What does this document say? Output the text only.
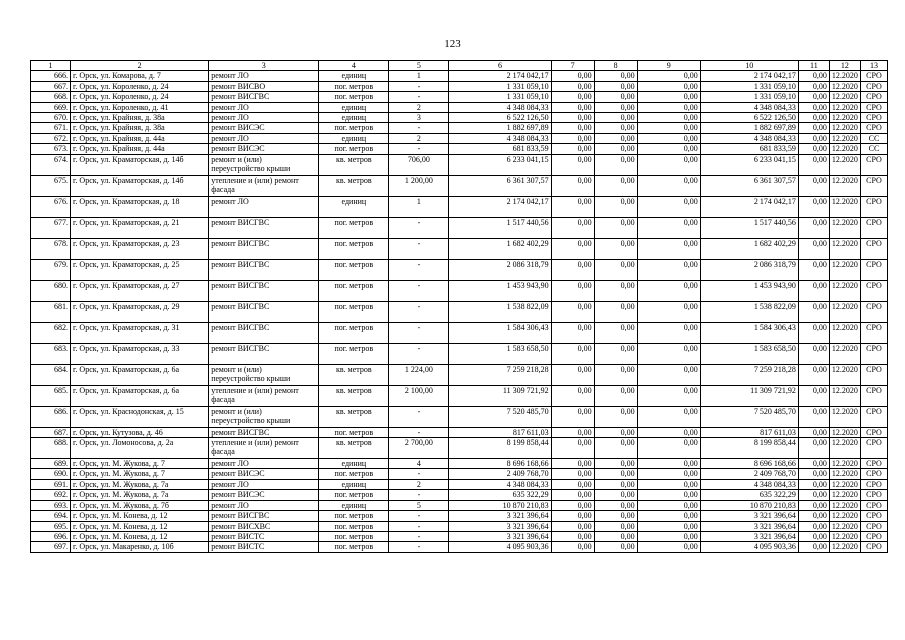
123
1	2	3	4	5	6	7	8	9	10	11	12	13
666.	г. Орск, ул. Комарова, д. 7	ремонт ЛО	единиц	1	2 174 042,17	0,00	0,00	0,00	2 174 042,17	0,00	12.2020	СРО
667.	г. Орск, ул. Короленко, д. 24	ремонт ВИСВО	пог. метров	-	1 331 059,10	0,00	0,00	0,00	1 331 059,10	0,00	12.2020	СРО
668.	г. Орск, ул. Короленко, д. 24	ремонт ВИСГВС	пог. метров	-	1 331 059,10	0,00	0,00	0,00	1 331 059,10	0,00	12.2020	СРО
669.	г. Орск, ул. Короленко, д. 41	ремонт ЛО	единиц	2	4 348 084,33	0,00	0,00	0,00	4 348 084,33	0,00	12.2020	СРО
670.	г. Орск, ул. Крайняя, д. 38а	ремонт ЛО	единиц	3	6 522 126,50	0,00	0,00	0,00	6 522 126,50	0,00	12.2020	СРО
671.	г. Орск, ул. Крайняя, д. 38а	ремонт ВИСЭС	пог. метров	-	1 882 697,89	0,00	0,00	0,00	1 882 697,89	0,00	12.2020	СРО
672.	г. Орск, ул. Крайняя, д. 44а	ремонт ЛО	единиц	2	4 348 084,33	0,00	0,00	0,00	4 348 084,33	0,00	12.2020	СС
673.	г. Орск, ул. Крайняя, д. 44а	ремонт ВИСЭС	пог. метров	-	681 833,59	0,00	0,00	0,00	681 833,59	0,00	12.2020	СС
674.	г. Орск, ул. Краматорская, д. 14б	ремонт и (или) переустройство крыши	кв. метров	706,00	6 233 041,15	0,00	0,00	0,00	6 233 041,15	0,00	12.2020	СРО
675.	г. Орск, ул. Краматорская, д. 14б	утепление и (или) ремонт фасада	кв. метров	1 200,00	6 361 307,57	0,00	0,00	0,00	6 361 307,57	0,00	12.2020	СРО
676.	г. Орск, ул. Краматорская, д. 18	ремонт ЛО	единиц	1	2 174 042,17	0,00	0,00	0,00	2 174 042,17	0,00	12.2020	СРО
677.	г. Орск, ул. Краматорская, д. 21	ремонт ВИСГВС	пог. метров	-	1 517 440,56	0,00	0,00	0,00	1 517 440,56	0,00	12.2020	СРО
678.	г. Орск, ул. Краматорская, д. 23	ремонт ВИСГВС	пог. метров	-	1 682 402,29	0,00	0,00	0,00	1 682 402,29	0,00	12.2020	СРО
679.	г. Орск, ул. Краматорская, д. 25	ремонт ВИСГВС	пог. метров	-	2 086 318,79	0,00	0,00	0,00	2 086 318,79	0,00	12.2020	СРО
680.	г. Орск, ул. Краматорская, д. 27	ремонт ВИСГВС	пог. метров	-	1 453 943,90	0,00	0,00	0,00	1 453 943,90	0,00	12.2020	СРО
681.	г. Орск, ул. Краматорская, д. 29	ремонт ВИСГВС	пог. метров	-	1 538 822,09	0,00	0,00	0,00	1 538 822,09	0,00	12.2020	СРО
682.	г. Орск, ул. Краматорская, д. 31	ремонт ВИСГВС	пог. метров	-	1 584 306,43	0,00	0,00	0,00	1 584 306,43	0,00	12.2020	СРО
683.	г. Орск, ул. Краматорская, д. 33	ремонт ВИСГВС	пог. метров	-	1 583 658,50	0,00	0,00	0,00	1 583 658,50	0,00	12.2020	СРО
684.	г. Орск, ул. Краматорская, д. 6а	ремонт и (или) переустройство крыши	кв. метров	1 224,00	7 259 218,28	0,00	0,00	0,00	7 259 218,28	0,00	12.2020	СРО
685.	г. Орск, ул. Краматорская, д. 6а	утепление и (или) ремонт фасада	кв. метров	2 100,00	11 309 721,92	0,00	0,00	0,00	11 309 721,92	0,00	12.2020	СРО
686.	г. Орск, ул. Краснодонская, д. 15	ремонт и (или) переустройство крыши	кв. метров	-	7 520 485,70	0,00	0,00	0,00	7 520 485,70	0,00	12.2020	СРО
687.	г. Орск, ул. Кутузова, д. 46	ремонт ВИСГВС	пог. метров	-	817 611,03	0,00	0,00	0,00	817 611,03	0,00	12.2020	СРО
688.	г. Орск, ул. Ломоносова, д. 2а	утепление и (или) ремонт фасада	кв. метров	2 700,00	8 199 858,44	0,00	0,00	0,00	8 199 858,44	0,00	12.2020	СРО
689.	г. Орск, ул. М. Жукова, д. 7	ремонт ЛО	единиц	4	8 696 168,66	0,00	0,00	0,00	8 696 168,66	0,00	12.2020	СРО
690.	г. Орск, ул. М. Жукова, д. 7	ремонт ВИСЭС	пог. метров	-	2 409 768,70	0,00	0,00	0,00	2 409 768,70	0,00	12.2020	СРО
691.	г. Орск, ул. М. Жукова, д. 7а	ремонт ЛО	единиц	2	4 348 084,33	0,00	0,00	0,00	4 348 084,33	0,00	12.2020	СРО
692.	г. Орск, ул. М. Жукова, д. 7а	ремонт ВИСЭС	пог. метров	-	635 322,29	0,00	0,00	0,00	635 322,29	0,00	12.2020	СРО
693.	г. Орск, ул. М. Жукова, д. 7б	ремонт ЛО	единиц	5	10 870 210,83	0,00	0,00	0,00	10 870 210,83	0,00	12.2020	СРО
694.	г. Орск, ул. М. Конева, д. 12	ремонт ВИСГВС	пог. метров	-	3 321 396,64	0,00	0,00	0,00	3 321 396,64	0,00	12.2020	СРО
695.	г. Орск, ул. М. Конева, д. 12	ремонт ВИСХВС	пог. метров	-	3 321 396,64	0,00	0,00	0,00	3 321 396,64	0,00	12.2020	СРО
696.	г. Орск, ул. М. Конева, д. 12	ремонт ВИСТС	пог. метров	-	3 321 396,64	0,00	0,00	0,00	3 321 396,64	0,00	12.2020	СРО
697.	г. Орск, ул. Макаренко, д. 10б	ремонт ВИСТС	пог. метров	-	4 095 903,36	0,00	0,00	0,00	4 095 903,36	0,00	12.2020	СРО
